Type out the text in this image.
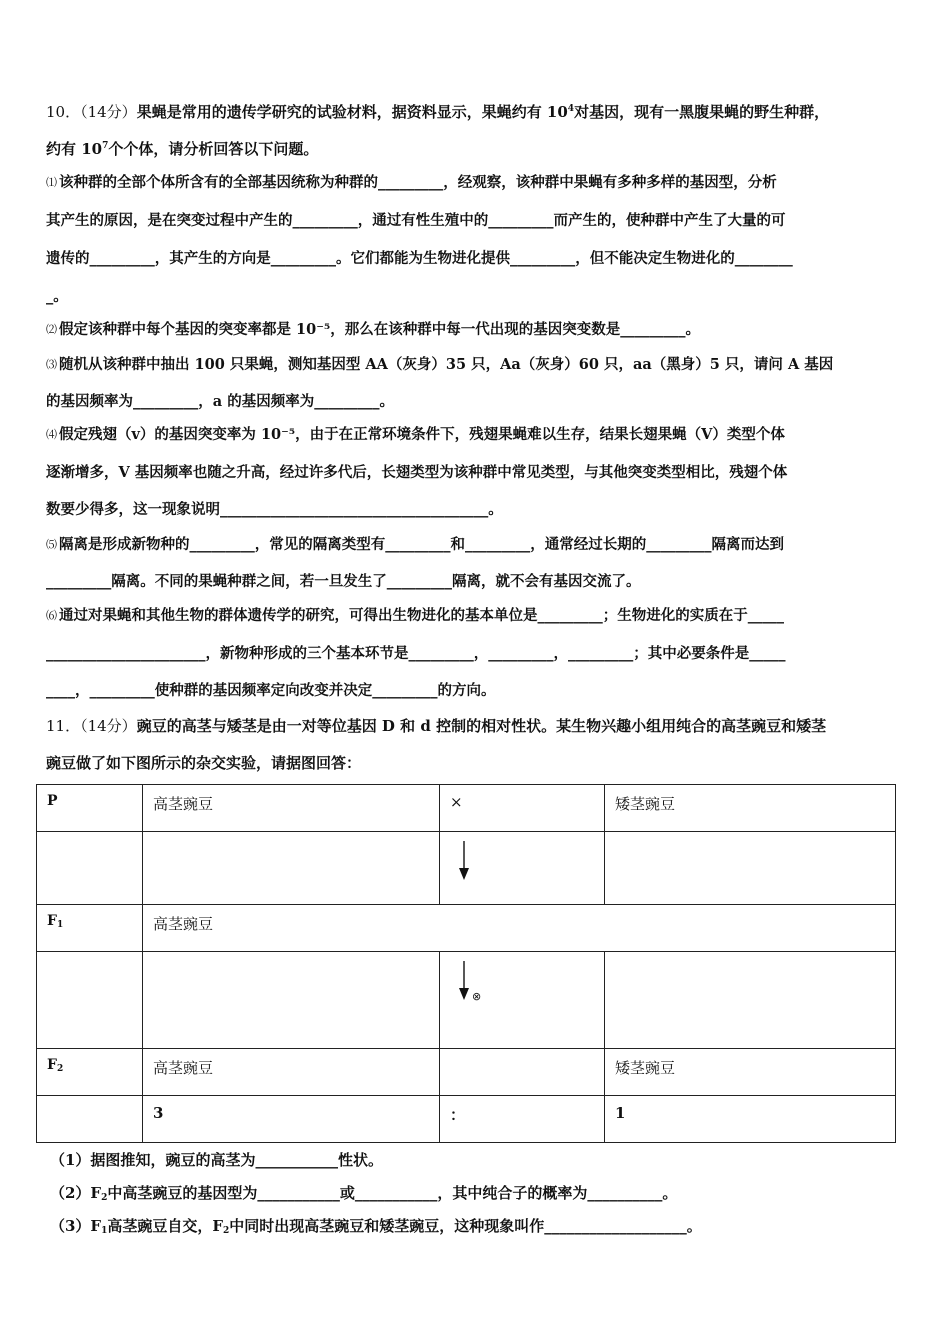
10．（14分）果蝇是常用的遗传学研究的试验材料，据资料显示，果蝇约有 $10^4$对基因，现有一黑腹果蝇的野生种群，
约有 $10^7$个个体，请分析回答以下问题。
⑴ 该种群的全部个体所含有的全部基因统称为种群的_________，经观察，该种群中果蝇有多种多样的基因型，分析
其产生的原因，是在突变过程中产生的_________，通过有性生殖中的_________而产生的，使种群中产生了大量的可
遗传的_________，其产生的方向是_________。它们都能为生物进化提供_________，但不能决定生物进化的________
_。
⑵ 假定该种群中每个基因的突变率都是 10⁻⁵，那么在该种群中每一代出现的基因突变数是_________。
⑶ 随机从该种群中抽出 100 只果蝇，测知基因型 AA（灰身）35 只，Aa（灰身）60 只，aa（黑身）5 只，请问 A 基因
的基因频率为_________，a 的基因频率为_________。
⑷ 假定残翅（v）的基因突变率为 10⁻⁵，由于在正常环境条件下，残翅果蝇难以生存，结果长翅果蝇（V）类型个体
逐渐增多，V 基因频率也随之升高，经过许多代后，长翅类型为该种群中常见类型，与其他突变类型相比，残翅个体
数要少得多，这一现象说明_____________________________________。
⑸ 隔离是形成新物种的_________，常见的隔离类型有_________和_________，通常经过长期的_________隔离而达到
_________隔离。不同的果蝇种群之间，若一旦发生了_________隔离，就不会有基因交流了。
⑹ 通过对果蝇和其他生物的群体遗传学的研究，可得出生物进化的基本单位是_________；生物进化的实质在于_____
______________________，新物种形成的三个基本环节是_________，_________，_________；其中必要条件是_____
____，_________使种群的基因频率定向改变并决定_________的方向。
11．（14分）豌豆的高茎与矮茎是由一对等位基因 D 和 d 控制的相对性状。某生物兴趣小组用纯合的高茎豌豆和矮茎
豌豆做了如下图所示的杂交实验，请据图回答：
P	高茎豌豆	×	矮茎豌豆

$F_1$	高茎豌豆		

⊗	

$F_2$	高茎豌豆		矮茎豌豆

	3	：	1
（1）据图推知，豌豆的高茎为___________性状。
$(2)F_2$中高茎豌豆的基因型为___________或___________，其中纯合子的概率为__________。
$(3)F_1$高茎豌豆自交，$F_2$中同时出现高茎豌豆和矮茎豌豆，这种现象叫作___________________。
